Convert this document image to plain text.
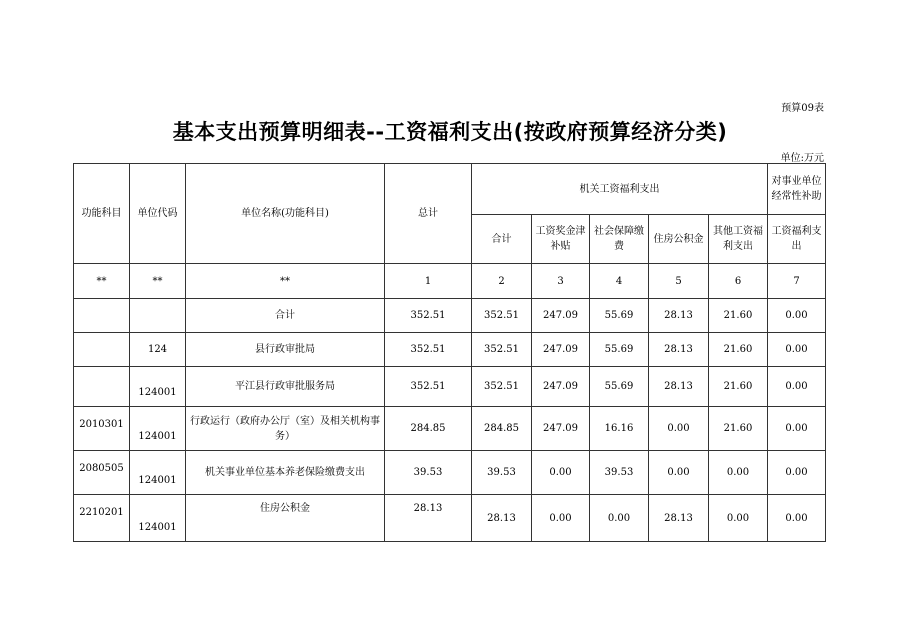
预算09表
基本支出预算明细表--工资福利支出(按政府预算经济分类)
单位:万元
功能科目	单位代码	单位名称(功能科目)	总计	机关工资福利支出					对事业单位经常性补助
				合计	工资奖金津补贴	社会保障缴费	住房公积金	其他工资福利支出	工资福利支出
**	**	**	1	2	3	4	5	6	7
		合计	352.51	352.51	247.09	55.69	28.13	21.60	0.00
	124	县行政审批局	352.51	352.51	247.09	55.69	28.13	21.60	0.00
	124001	平江县行政审批服务局	352.51	352.51	247.09	55.69	28.13	21.60	0.00
2010301	124001	行政运行（政府办公厅（室）及相关机构事务）	284.85	284.85	247.09	16.16	0.00	21.60	0.00
2080505	124001	机关事业单位基本养老保险缴费支出	39.53	39.53	0.00	39.53	0.00	0.00	0.00
2210201	124001	住房公积金	28.13	28.13	0.00	0.00	28.13	0.00	0.00
